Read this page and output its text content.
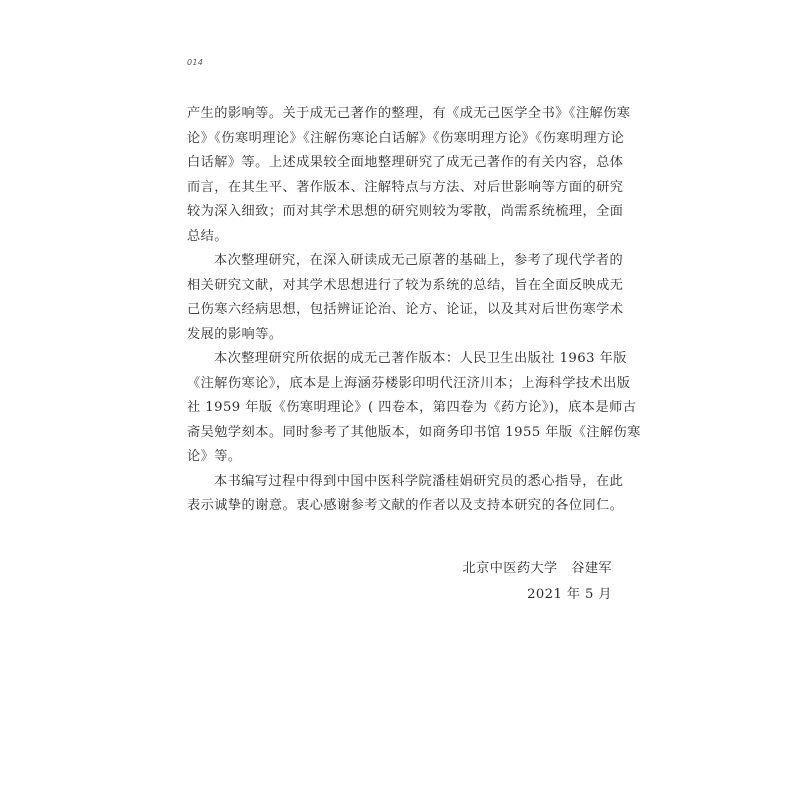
014
产生的影响等。关于成无己著作的整理，有《成无己医学全书》《注解伤寒
论》《伤寒明理论》《注解伤寒论白话解》《伤寒明理方论》《伤寒明理方论
白话解》等。上述成果较全面地整理研究了成无己著作的有关内容，总体
而言，在其生平、著作版本、注解特点与方法、对后世影响等方面的研究
较为深入细致；而对其学术思想的研究则较为零散，尚需系统梳理，全面
总结。
本次整理研究，在深入研读成无己原著的基础上，参考了现代学者的
相关研究文献，对其学术思想进行了较为系统的总结，旨在全面反映成无
己伤寒六经病思想，包括辨证论治、论方、论证，以及其对后世伤寒学术
发展的影响等。
本次整理研究所依据的成无己著作版本：人民卫生出版社 1963 年版
《注解伤寒论》，底本是上海涵芬楼影印明代汪济川本；上海科学技术出版
社 1959 年版《伤寒明理论》( 四卷本，第四卷为《药方论》)，底本是师古
斋吴勉学刻本。同时参考了其他版本，如商务印书馆 1955 年版《注解伤寒
论》等。
本书编写过程中得到中国中医科学院潘桂娟研究员的悉心指导，在此
表示诚挚的谢意。衷心感谢参考文献的作者以及支持本研究的各位同仁。
北京中医药大学　谷建军
2021 年 5 月
